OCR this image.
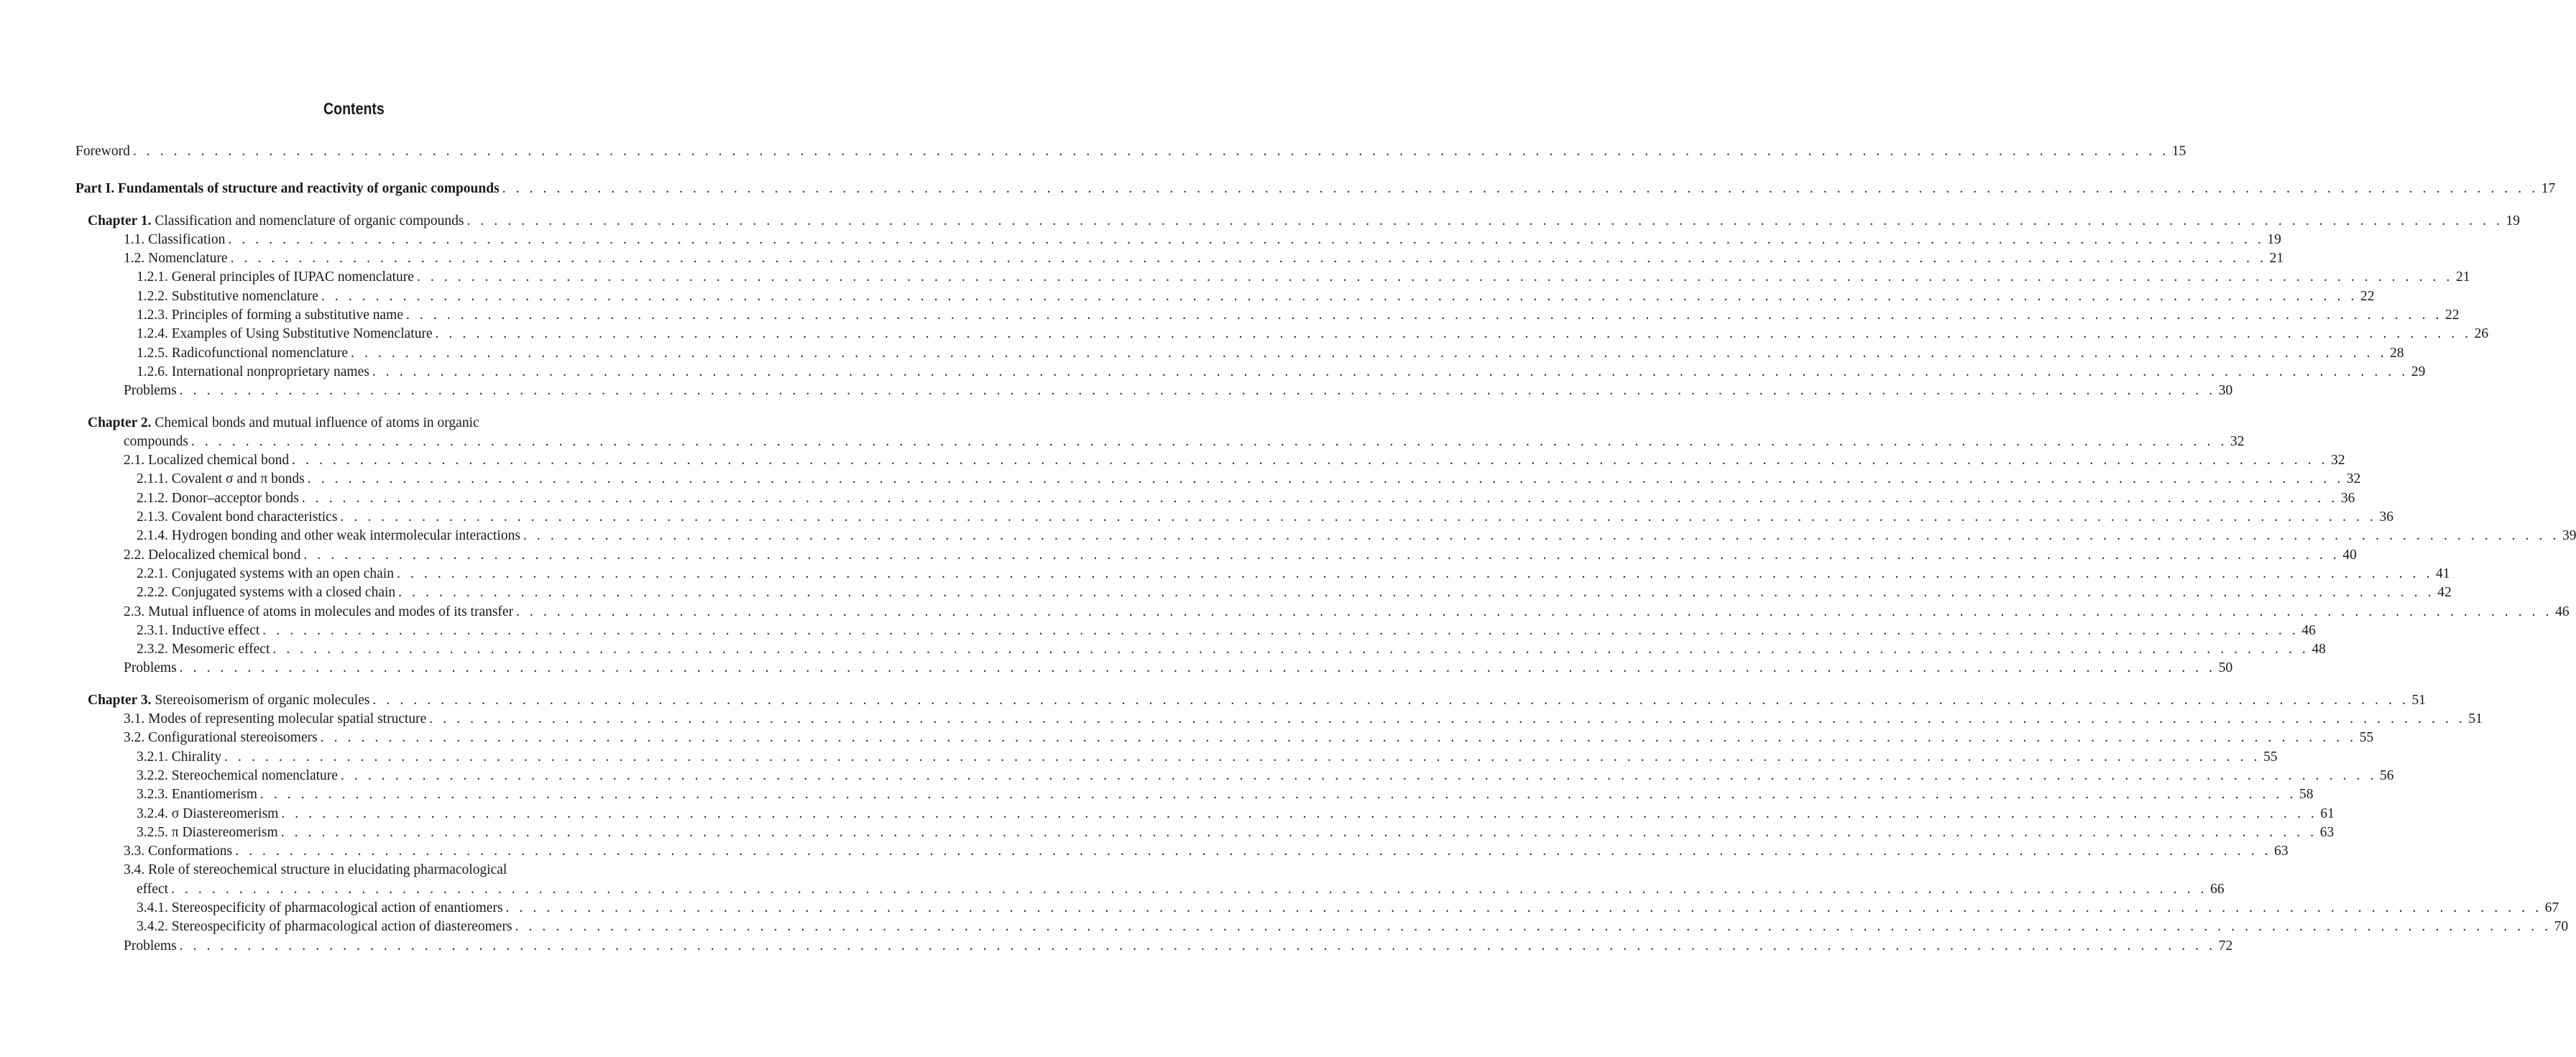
Contents
Foreword . . . . . . . . . . . . . . . . . . . . . . . . . . . . . . . . . . . . . . . . . . . . . . . . . . . . . . . . . . . . . . . . . . . . . . . . . . . . . . . . . . . . . . . . . . . . . . . . . . . . . . . . . . . . . . . . . . . . . . . . . . . . . . . . . . . . . . . . . . . . . . . . . . . . . . 15
Part I. Fundamentals of structure and reactivity of organic compounds . . . . . . . . . . . . . . . . . . . . . . . . . . . . . . . . . . . . . . . . . . . . . . . . . . . . . . . . . . . . . . . . . . . . . . . . . . . . . . . . . . . . . . . . . . . . . . . . . . . . . . . . . . . . . . . . . . . . . . . . . . . . . . . . . . . . . . . . . . . . . . . . . . . . . . 17
Chapter 1. Classification and nomenclature of organic compounds . . . . . . . . . . . . . . . . . . . . . . . . . . . . . . . . . . . . . . . . . . . . . . . . . . . . . . . . . . . . . . . . . . . . . . . . . . . . . . . . . . . . . . . . . . . . . . . . . . . . . . . . . . . . . . . . . . . . . . . . . . . . . . . . . . . . . . . . . . . . . . . . . . . . . . 19
1.1. Classification . . . . . . . . . . . . . . . . . . . . . . . . . . . . . . . . . . . . . . . . . . . . . . . . . . . . . . . . . . . . . . . . . . . . . . . . . . . . . . . . . . . . . . . . . . . . . . . . . . . . . . . . . . . . . . . . . . . . . . . . . . . . . . . . . . . . . . . . . . . . . . . . . . . . . . 19
1.2. Nomenclature . . . . . . . . . . . . . . . . . . . . . . . . . . . . . . . . . . . . . . . . . . . . . . . . . . . . . . . . . . . . . . . . . . . . . . . . . . . . . . . . . . . . . . . . . . . . . . . . . . . . . . . . . . . . . . . . . . . . . . . . . . . . . . . . . . . . . . . . . . . . . . . . . . . . . . 21
1.2.1. General principles of IUPAC nomenclature . . . . . . . . . . . . . . . . . . . . . . . . . . . . . . . . . . . . . . . . . . . . . . . . . . . . . . . . . . . . . . . . . . . . . . . . . . . . . . . . . . . . . . . . . . . . . . . . . . . . . . . . . . . . . . . . . . . . . . . . . . . . . . . . . . . . . . . . . . . . . . . . . . . . . . 21
1.2.2. Substitutive nomenclature . . . . . . . . . . . . . . . . . . . . . . . . . . . . . . . . . . . . . . . . . . . . . . . . . . . . . . . . . . . . . . . . . . . . . . . . . . . . . . . . . . . . . . . . . . . . . . . . . . . . . . . . . . . . . . . . . . . . . . . . . . . . . . . . . . . . . . . . . . . . . . . . . . . . . . 22
1.2.3. Principles of forming a substitutive name . . . . . . . . . . . . . . . . . . . . . . . . . . . . . . . . . . . . . . . . . . . . . . . . . . . . . . . . . . . . . . . . . . . . . . . . . . . . . . . . . . . . . . . . . . . . . . . . . . . . . . . . . . . . . . . . . . . . . . . . . . . . . . . . . . . . . . . . . . . . . . . . . . . . . . 22
1.2.4. Examples of Using Substitutive Nomenclature . . . . . . . . . . . . . . . . . . . . . . . . . . . . . . . . . . . . . . . . . . . . . . . . . . . . . . . . . . . . . . . . . . . . . . . . . . . . . . . . . . . . . . . . . . . . . . . . . . . . . . . . . . . . . . . . . . . . . . . . . . . . . . . . . . . . . . . . . . . . . . . . . . . . . . 26
1.2.5. Radicofunctional nomenclature . . . . . . . . . . . . . . . . . . . . . . . . . . . . . . . . . . . . . . . . . . . . . . . . . . . . . . . . . . . . . . . . . . . . . . . . . . . . . . . . . . . . . . . . . . . . . . . . . . . . . . . . . . . . . . . . . . . . . . . . . . . . . . . . . . . . . . . . . . . . . . . . . . . . . . 28
1.2.6. International nonproprietary names . . . . . . . . . . . . . . . . . . . . . . . . . . . . . . . . . . . . . . . . . . . . . . . . . . . . . . . . . . . . . . . . . . . . . . . . . . . . . . . . . . . . . . . . . . . . . . . . . . . . . . . . . . . . . . . . . . . . . . . . . . . . . . . . . . . . . . . . . . . . . . . . . . . . . . 29
Problems . . . . . . . . . . . . . . . . . . . . . . . . . . . . . . . . . . . . . . . . . . . . . . . . . . . . . . . . . . . . . . . . . . . . . . . . . . . . . . . . . . . . . . . . . . . . . . . . . . . . . . . . . . . . . . . . . . . . . . . . . . . . . . . . . . . . . . . . . . . . . . . . . . . . . . 30
Chapter 2. Chemical bonds and mutual influence of atoms in organic
compounds . . . . . . . . . . . . . . . . . . . . . . . . . . . . . . . . . . . . . . . . . . . . . . . . . . . . . . . . . . . . . . . . . . . . . . . . . . . . . . . . . . . . . . . . . . . . . . . . . . . . . . . . . . . . . . . . . . . . . . . . . . . . . . . . . . . . . . . . . . . . . . . . . . . . . . 32
2.1. Localized chemical bond . . . . . . . . . . . . . . . . . . . . . . . . . . . . . . . . . . . . . . . . . . . . . . . . . . . . . . . . . . . . . . . . . . . . . . . . . . . . . . . . . . . . . . . . . . . . . . . . . . . . . . . . . . . . . . . . . . . . . . . . . . . . . . . . . . . . . . . . . . . . . . . . . . . . . . 32
2.1.1. Covalent σ and π bonds . . . . . . . . . . . . . . . . . . . . . . . . . . . . . . . . . . . . . . . . . . . . . . . . . . . . . . . . . . . . . . . . . . . . . . . . . . . . . . . . . . . . . . . . . . . . . . . . . . . . . . . . . . . . . . . . . . . . . . . . . . . . . . . . . . . . . . . . . . . . . . . . . . . . . . 32
2.1.2. Donor–acceptor bonds . . . . . . . . . . . . . . . . . . . . . . . . . . . . . . . . . . . . . . . . . . . . . . . . . . . . . . . . . . . . . . . . . . . . . . . . . . . . . . . . . . . . . . . . . . . . . . . . . . . . . . . . . . . . . . . . . . . . . . . . . . . . . . . . . . . . . . . . . . . . . . . . . . . . . . 36
2.1.3. Covalent bond characteristics . . . . . . . . . . . . . . . . . . . . . . . . . . . . . . . . . . . . . . . . . . . . . . . . . . . . . . . . . . . . . . . . . . . . . . . . . . . . . . . . . . . . . . . . . . . . . . . . . . . . . . . . . . . . . . . . . . . . . . . . . . . . . . . . . . . . . . . . . . . . . . . . . . . . . . 36
2.1.4. Hydrogen bonding and other weak intermolecular interactions . . . . . . . . . . . . . . . . . . . . . . . . . . . . . . . . . . . . . . . . . . . . . . . . . . . . . . . . . . . . . . . . . . . . . . . . . . . . . . . . . . . . . . . . . . . . . . . . . . . . . . . . . . . . . . . . . . . . . . . . . . . . . . . . . . . . . . . . . . . . . . . . . . . . . . 39
2.2. Delocalized chemical bond . . . . . . . . . . . . . . . . . . . . . . . . . . . . . . . . . . . . . . . . . . . . . . . . . . . . . . . . . . . . . . . . . . . . . . . . . . . . . . . . . . . . . . . . . . . . . . . . . . . . . . . . . . . . . . . . . . . . . . . . . . . . . . . . . . . . . . . . . . . . . . . . . . . . . . 40
2.2.1. Conjugated systems with an open chain . . . . . . . . . . . . . . . . . . . . . . . . . . . . . . . . . . . . . . . . . . . . . . . . . . . . . . . . . . . . . . . . . . . . . . . . . . . . . . . . . . . . . . . . . . . . . . . . . . . . . . . . . . . . . . . . . . . . . . . . . . . . . . . . . . . . . . . . . . . . . . . . . . . . . . 41
2.2.2. Conjugated systems with a closed chain . . . . . . . . . . . . . . . . . . . . . . . . . . . . . . . . . . . . . . . . . . . . . . . . . . . . . . . . . . . . . . . . . . . . . . . . . . . . . . . . . . . . . . . . . . . . . . . . . . . . . . . . . . . . . . . . . . . . . . . . . . . . . . . . . . . . . . . . . . . . . . . . . . . . . . 42
2.3. Mutual influence of atoms in molecules and modes of its transfer . . . . . . . . . . . . . . . . . . . . . . . . . . . . . . . . . . . . . . . . . . . . . . . . . . . . . . . . . . . . . . . . . . . . . . . . . . . . . . . . . . . . . . . . . . . . . . . . . . . . . . . . . . . . . . . . . . . . . . . . . . . . . . . . . . . . . . . . . . . . . . . . . . . . . . 46
2.3.1. Inductive effect . . . . . . . . . . . . . . . . . . . . . . . . . . . . . . . . . . . . . . . . . . . . . . . . . . . . . . . . . . . . . . . . . . . . . . . . . . . . . . . . . . . . . . . . . . . . . . . . . . . . . . . . . . . . . . . . . . . . . . . . . . . . . . . . . . . . . . . . . . . . . . . . . . . . . . 46
2.3.2. Mesomeric effect . . . . . . . . . . . . . . . . . . . . . . . . . . . . . . . . . . . . . . . . . . . . . . . . . . . . . . . . . . . . . . . . . . . . . . . . . . . . . . . . . . . . . . . . . . . . . . . . . . . . . . . . . . . . . . . . . . . . . . . . . . . . . . . . . . . . . . . . . . . . . . . . . . . . . . 48
Problems . . . . . . . . . . . . . . . . . . . . . . . . . . . . . . . . . . . . . . . . . . . . . . . . . . . . . . . . . . . . . . . . . . . . . . . . . . . . . . . . . . . . . . . . . . . . . . . . . . . . . . . . . . . . . . . . . . . . . . . . . . . . . . . . . . . . . . . . . . . . . . . . . . . . . . 50
Chapter 3. Stereoisomerism of organic molecules . . . . . . . . . . . . . . . . . . . . . . . . . . . . . . . . . . . . . . . . . . . . . . . . . . . . . . . . . . . . . . . . . . . . . . . . . . . . . . . . . . . . . . . . . . . . . . . . . . . . . . . . . . . . . . . . . . . . . . . . . . . . . . . . . . . . . . . . . . . . . . . . . . . . . . 51
3.1. Modes of representing molecular spatial structure . . . . . . . . . . . . . . . . . . . . . . . . . . . . . . . . . . . . . . . . . . . . . . . . . . . . . . . . . . . . . . . . . . . . . . . . . . . . . . . . . . . . . . . . . . . . . . . . . . . . . . . . . . . . . . . . . . . . . . . . . . . . . . . . . . . . . . . . . . . . . . . . . . . . . . 51
3.2. Configurational stereoisomers . . . . . . . . . . . . . . . . . . . . . . . . . . . . . . . . . . . . . . . . . . . . . . . . . . . . . . . . . . . . . . . . . . . . . . . . . . . . . . . . . . . . . . . . . . . . . . . . . . . . . . . . . . . . . . . . . . . . . . . . . . . . . . . . . . . . . . . . . . . . . . . . . . . . . . 55
3.2.1. Chirality . . . . . . . . . . . . . . . . . . . . . . . . . . . . . . . . . . . . . . . . . . . . . . . . . . . . . . . . . . . . . . . . . . . . . . . . . . . . . . . . . . . . . . . . . . . . . . . . . . . . . . . . . . . . . . . . . . . . . . . . . . . . . . . . . . . . . . . . . . . . . . . . . . . . . . 55
3.2.2. Stereochemical nomenclature . . . . . . . . . . . . . . . . . . . . . . . . . . . . . . . . . . . . . . . . . . . . . . . . . . . . . . . . . . . . . . . . . . . . . . . . . . . . . . . . . . . . . . . . . . . . . . . . . . . . . . . . . . . . . . . . . . . . . . . . . . . . . . . . . . . . . . . . . . . . . . . . . . . . . . 56
3.2.3. Enantiomerism . . . . . . . . . . . . . . . . . . . . . . . . . . . . . . . . . . . . . . . . . . . . . . . . . . . . . . . . . . . . . . . . . . . . . . . . . . . . . . . . . . . . . . . . . . . . . . . . . . . . . . . . . . . . . . . . . . . . . . . . . . . . . . . . . . . . . . . . . . . . . . . . . . . . . . 58
3.2.4. σ Diastereomerism . . . . . . . . . . . . . . . . . . . . . . . . . . . . . . . . . . . . . . . . . . . . . . . . . . . . . . . . . . . . . . . . . . . . . . . . . . . . . . . . . . . . . . . . . . . . . . . . . . . . . . . . . . . . . . . . . . . . . . . . . . . . . . . . . . . . . . . . . . . . . . . . . . . . . . 61
3.2.5. π Diastereomerism . . . . . . . . . . . . . . . . . . . . . . . . . . . . . . . . . . . . . . . . . . . . . . . . . . . . . . . . . . . . . . . . . . . . . . . . . . . . . . . . . . . . . . . . . . . . . . . . . . . . . . . . . . . . . . . . . . . . . . . . . . . . . . . . . . . . . . . . . . . . . . . . . . . . . . 63
3.3. Conformations . . . . . . . . . . . . . . . . . . . . . . . . . . . . . . . . . . . . . . . . . . . . . . . . . . . . . . . . . . . . . . . . . . . . . . . . . . . . . . . . . . . . . . . . . . . . . . . . . . . . . . . . . . . . . . . . . . . . . . . . . . . . . . . . . . . . . . . . . . . . . . . . . . . . . . 63
3.4. Role of stereochemical structure in elucidating pharmacological
effect . . . . . . . . . . . . . . . . . . . . . . . . . . . . . . . . . . . . . . . . . . . . . . . . . . . . . . . . . . . . . . . . . . . . . . . . . . . . . . . . . . . . . . . . . . . . . . . . . . . . . . . . . . . . . . . . . . . . . . . . . . . . . . . . . . . . . . . . . . . . . . . . . . . . . . 66
3.4.1. Stereospecificity of pharmacological action of enantiomers . . . . . . . . . . . . . . . . . . . . . . . . . . . . . . . . . . . . . . . . . . . . . . . . . . . . . . . . . . . . . . . . . . . . . . . . . . . . . . . . . . . . . . . . . . . . . . . . . . . . . . . . . . . . . . . . . . . . . . . . . . . . . . . . . . . . . . . . . . . . . . . . . . . . . . 67
3.4.2. Stereospecificity of pharmacological action of diastereomers . . . . . . . . . . . . . . . . . . . . . . . . . . . . . . . . . . . . . . . . . . . . . . . . . . . . . . . . . . . . . . . . . . . . . . . . . . . . . . . . . . . . . . . . . . . . . . . . . . . . . . . . . . . . . . . . . . . . . . . . . . . . . . . . . . . . . . . . . . . . . . . . . . . . . . 70
Problems . . . . . . . . . . . . . . . . . . . . . . . . . . . . . . . . . . . . . . . . . . . . . . . . . . . . . . . . . . . . . . . . . . . . . . . . . . . . . . . . . . . . . . . . . . . . . . . . . . . . . . . . . . . . . . . . . . . . . . . . . . . . . . . . . . . . . . . . . . . . . . . . . . . . . . 72
